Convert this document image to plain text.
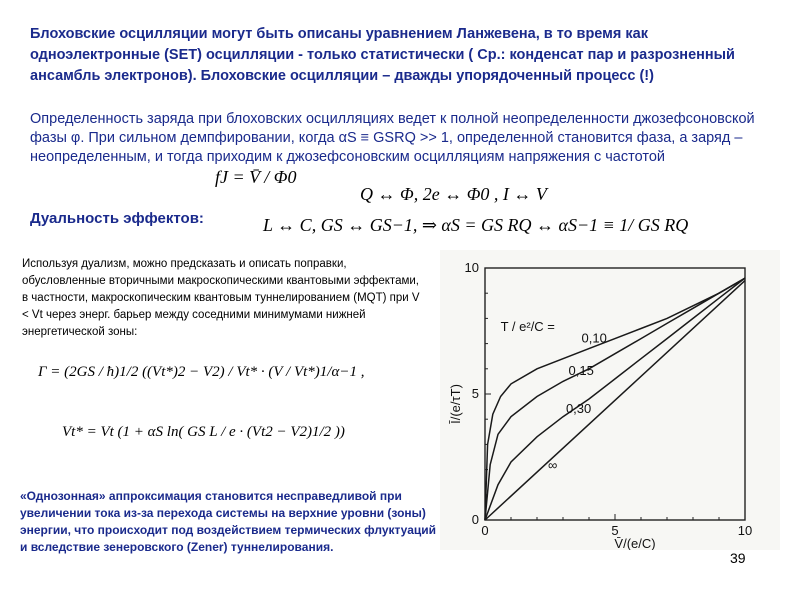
Блоховские осцилляции могут быть описаны уравнением Ланжевена, в то время как одноэлектронные (SET) осцилляции - только статистически ( Ср.: конденсат пар и разрозненный ансамбль электронов). Блоховские осцилляции – дважды упорядоченный процесс (!)

Определенность заряда при блоховских осцилляциях ведет к полной неопределенности джозефсоновской фазы φ. При сильном демпфировании, когда αS ≡ GSRQ >> 1, определенной становится фаза, а заряд – неопределенным, и тогда приходим к джозефсоновским осцилляциям напряжения с частотой

fJ = V̄ / Φ0
Q ↔ Φ, 2e ↔ Φ0 , I ↔ V

Дуальность эффектов:	L ↔ C, GS ↔ GS−1, ⇒ αS = GS RQ ↔ αS−1 ≡ 1/ GS RQ

Используя дуализм, можно предсказать и описать поправки, обусловленные вторичными макроскопическими квантовыми эффектами, в частности, макроскопическим квантовым туннелированием (MQT) при V < Vt через энерг. барьер между соседними минимумами нижней энергетической зоны:

Γ = (2GS / ħ)1/2 ((Vt*)2 − V2) / Vt* · (V / Vt*)1/α−1 ,
Vt* = Vt (1 + αS ln( GS L / e · (Vt2 − V2)1/2 ))

«Однозонная» аппроксимация становится несправедливой при увеличении тока из-за перехода системы на верхние уровни (зоны) энергии, что происходит под воздействием термических флуктуаций и вследствие зенеровского (Zener) туннелирования.

39
0	5	10
0
5
10
0,10
0,15
0,30
∞
T / e²/C =
V̄/(e/C)
Ī/(e/τT)
